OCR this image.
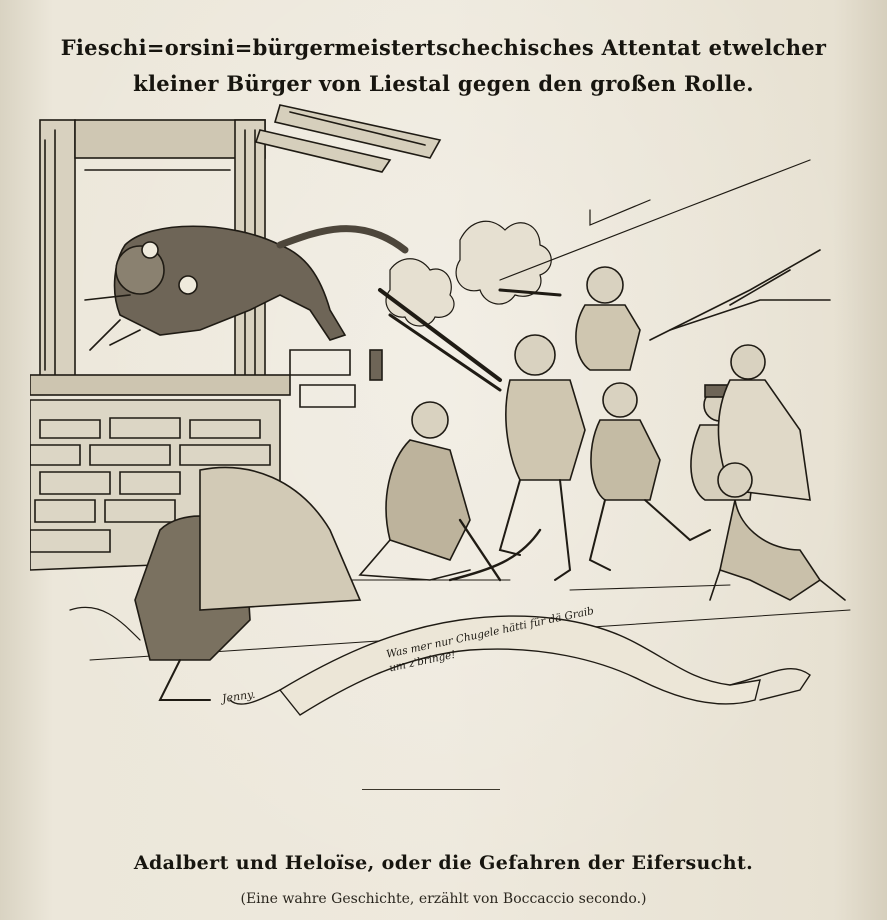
Fieschi=orsini=bürgermeistertschechisches Attentat etwelcher kleiner Bürger von Liestal gegen den großen Rolle.
Was mer nur Chugele hätti für dä Graib um z'bringe!
Jenny.
Adalbert und Heloïse, oder die Gefahren der Eifersucht.
(Eine wahre Geschichte, erzählt von Boccaccio secondo.)
